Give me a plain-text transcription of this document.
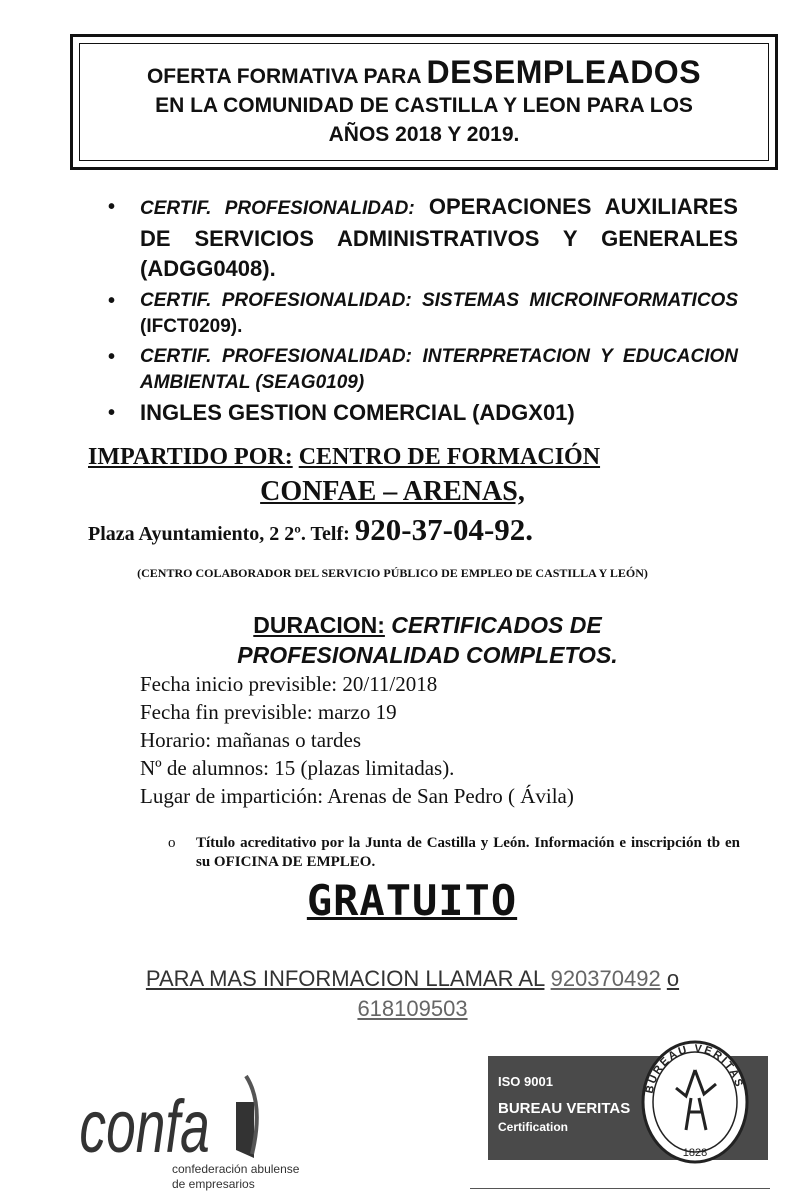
OFERTA FORMATIVA PARA DESEMPLEADOS
EN LA COMUNIDAD DE CASTILLA Y LEON PARA LOS
AÑOS 2018 Y 2019.
• CERTIF. PROFESIONALIDAD: OPERACIONES AUXILIARES DE SERVICIOS ADMINISTRATIVOS Y GENERALES (ADGG0408).
• CERTIF. PROFESIONALIDAD: SISTEMAS MICROINFORMATICOS (IFCT0209).
• CERTIF. PROFESIONALIDAD: INTERPRETACION Y EDUCACION AMBIENTAL (SEAG0109)
• INGLES GESTION COMERCIAL (ADGX01)
IMPARTIDO POR: CENTRO DE FORMACIÓN
CONFAE – ARENAS,
Plaza Ayuntamiento, 2 2º. Telf: 920-37-04-92.
(CENTRO COLABORADOR DEL SERVICIO PÚBLICO DE EMPLEO DE CASTILLA Y LEÓN)
DURACION: CERTIFICADOS DE
PROFESIONALIDAD COMPLETOS.
Fecha inicio previsible: 20/11/2018
Fecha fin previsible: marzo 19
Horario: mañanas o tardes
Nº de alumnos: 15 (plazas limitadas).
Lugar de impartición: Arenas de San Pedro ( Ávila)
o	Título acreditativo por la Junta de Castilla y León. Información e inscripción tb en su OFICINA DE EMPLEO.
GRATUITO
PARA MAS INFORMACION LLAMAR AL 920370492 o
618109503
confa
confederación abulense
de empresarios
ISO 9001
BUREAU VERITAS
Certification
BUREAU VERITAS
1828
